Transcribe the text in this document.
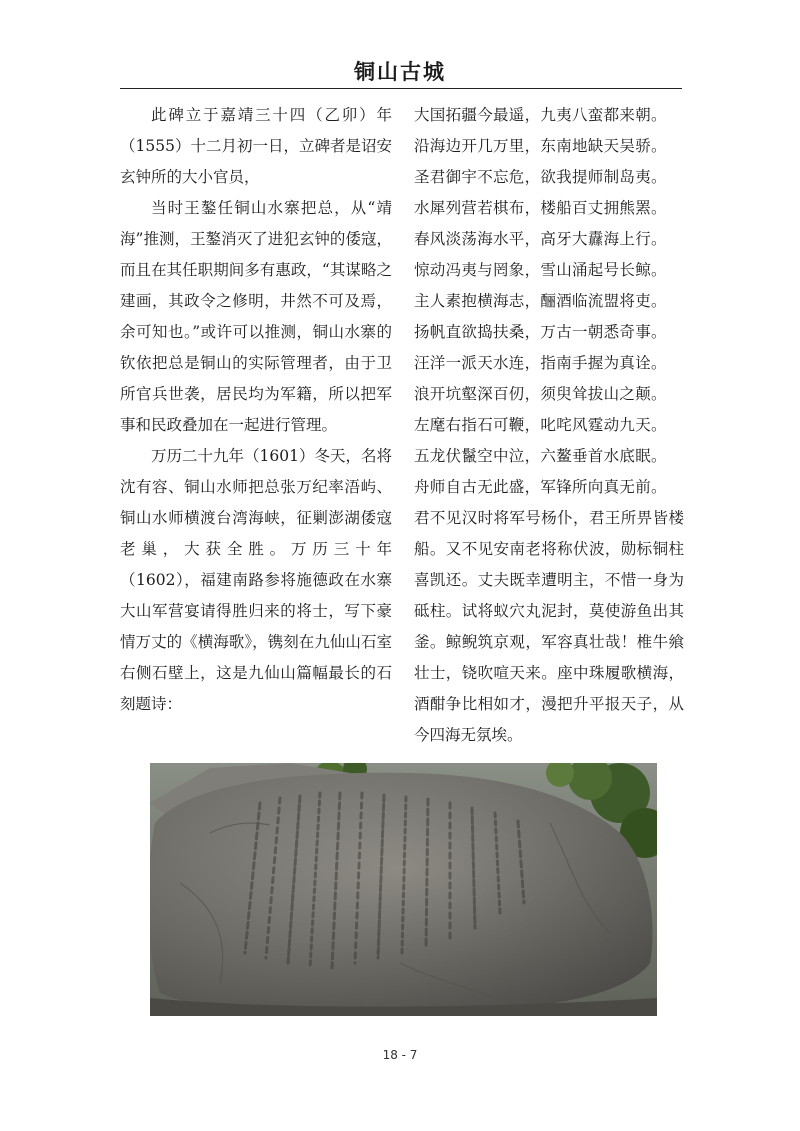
铜山古城

此碑立于嘉靖三十四（乙卯）年（1555）十二月初一日，立碑者是诏安玄钟所的大小官员，

当时王鏊任铜山水寨把总，从“靖海”推测，王鏊消灭了进犯玄钟的倭寇，而且在其任职期间多有惠政，“其谋略之建画，其政令之修明，井然不可及焉，余可知也。”或许可以推测，铜山水寨的钦依把总是铜山的实际管理者，由于卫所官兵世袭，居民均为军籍，所以把军事和民政叠加在一起进行管理。

万历二十九年（1601）冬天，名将沈有容、铜山水师把总张万纪率浯屿、铜山水师横渡台湾海峡，征剿澎湖倭寇老巢，大获全胜。万历三十年（1602），福建南路参将施德政在水寨大山军营宴请得胜归来的将士，写下豪情万丈的《横海歌》，镌刻在九仙山石室右侧石壁上，这是九仙山篇幅最长的石刻题诗：

大国拓疆今最遥，九夷八蛮都来朝。
沿海边开几万里，东南地缺天吴骄。
圣君御宇不忘危，欲我提师制岛夷。
水犀列营若棋布，楼船百丈拥熊罴。
春风淡荡海水平，高牙大纛海上行。
惊动冯夷与罔象，雪山涌起号长鲸。
主人素抱横海志，酾酒临流盟将吏。
扬帆直欲捣扶桑，万古一朝悉奇事。
汪洋一派天水连，指南手握为真诠。
浪开坑壑深百仞，须臾耸拔山之颠。
左麾右指石可鞭，叱咤风霆动九天。
五龙伏鬣空中泣，六鳌垂首水底眠。
舟师自古无此盛，军锋所向真无前。
君不见汉时将军号杨仆，君王所畀皆楼船。又不见安南老将称伏波，勋标铜柱喜凯还。丈夫既幸遭明主，不惜一身为砥柱。试将蚁穴丸泥封，莫使游鱼出其釜。鲸鲵筑京观，军容真壮哉！椎牛飨壮士，铙吹喧天来。座中珠履歌横海，酒酣争比相如才，漫把升平报天子，从今四海无氛埃。
18 - 7
